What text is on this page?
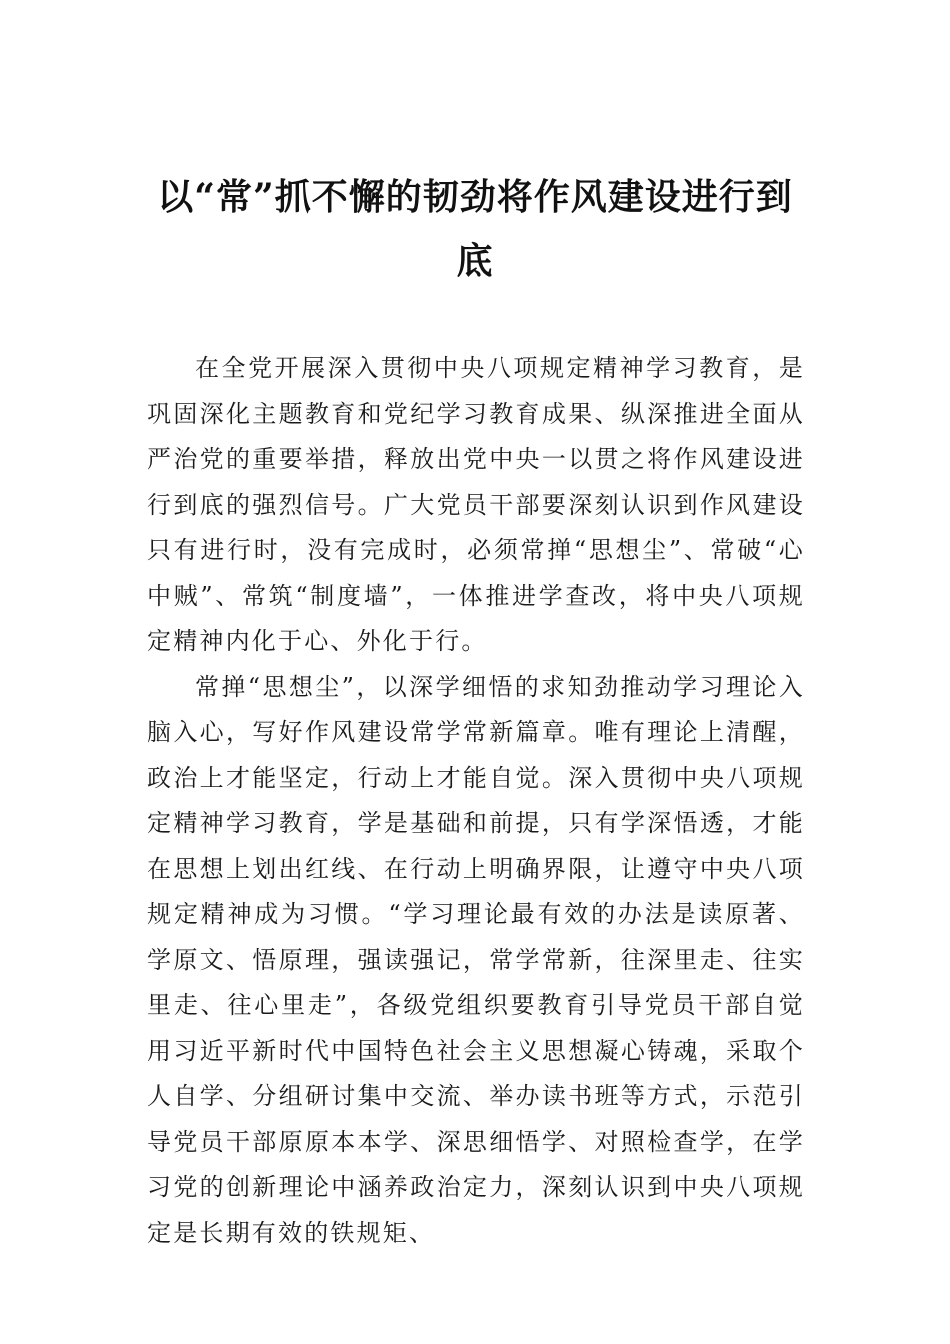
以“常”抓不懈的韧劲将作风建设进行到底

在全党开展深入贯彻中央八项规定精神学习教育，是巩固深化主题教育和党纪学习教育成果、纵深推进全面从严治党的重要举措，释放出党中央一以贯之将作风建设进行到底的强烈信号。广大党员干部要深刻认识到作风建设只有进行时，没有完成时，必须常掸“思想尘”、常破“心中贼”、常筑“制度墙”，一体推进学查改，将中央八项规定精神内化于心、外化于行。

常掸“思想尘”，以深学细悟的求知劲推动学习理论入脑入心，写好作风建设常学常新篇章。唯有理论上清醒，政治上才能坚定，行动上才能自觉。深入贯彻中央八项规定精神学习教育，学是基础和前提，只有学深悟透，才能在思想上划出红线、在行动上明确界限，让遵守中央八项规定精神成为习惯。“学习理论最有效的办法是读原著、学原文、悟原理，强读强记，常学常新，往深里走、往实里走、往心里走”，各级党组织要教育引导党员干部自觉用习近平新时代中国特色社会主义思想凝心铸魂，采取个人自学、分组研讨集中交流、举办读书班等方式，示范引导党员干部原原本本学、深思细悟学、对照检查学，在学习党的创新理论中涵养政治定力，深刻认识到中央八项规定是长期有效的铁规矩、
